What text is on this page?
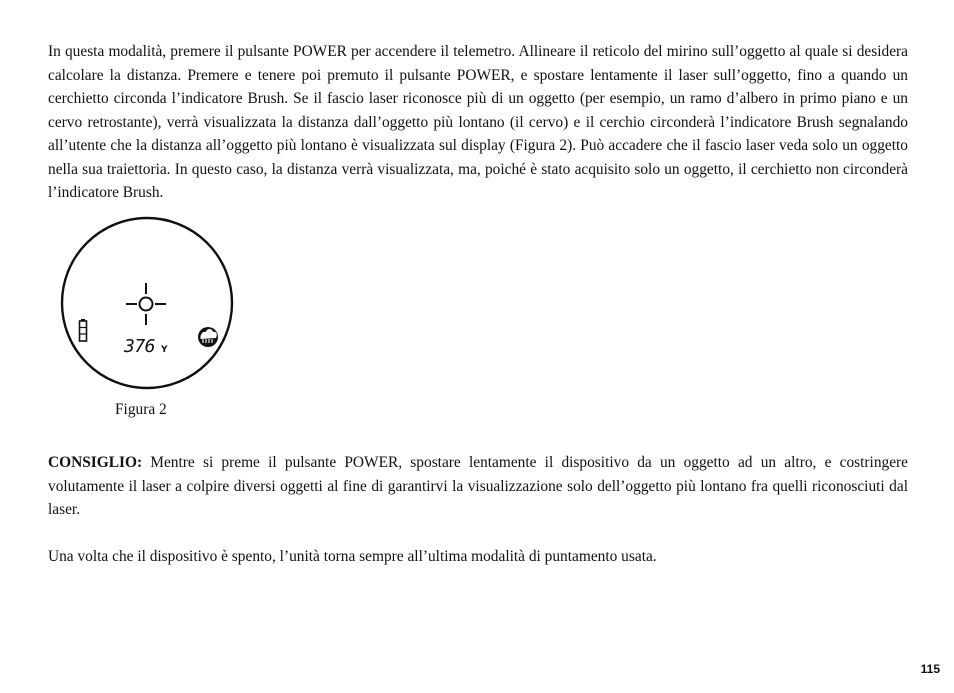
In questa modalità, premere il pulsante POWER per accendere il telemetro. Allineare il reticolo del mirino sull’oggetto al quale si desidera calcolare la distanza. Premere e tenere poi premuto il pulsante POWER, e spostare lentamente il laser sull’oggetto, fino a quando un cerchietto circonda l’indicatore Brush. Se il fascio laser riconosce più di un oggetto (per esempio, un ramo d’albero in primo piano e un cervo retrostante), verrà visualizzata la distanza dall’oggetto più lontano (il cervo) e il cerchio circonderà l’indicatore Brush segnalando all’utente che la distanza all’oggetto più lontano è visualizzata sul display (Figura 2). Può accadere che il fascio laser veda solo un oggetto nella sua traiettoria. In questo caso, la distanza verrà visualizzata, ma, poiché è stato acquisito solo un oggetto, il cerchietto non circonderà l’indicatore Brush.

376 Y

Figura 2

CONSIGLIO: Mentre si preme il pulsante POWER, spostare lentamente il dispositivo da un oggetto ad un altro, e costringere volutamente il laser a colpire diversi oggetti al fine di garantirvi la visualizzazione solo dell’oggetto più lontano fra quelli riconosciuti dal laser.

Una volta che il dispositivo è spento, l’unità torna sempre all’ultima modalità di puntamento usata.

115
